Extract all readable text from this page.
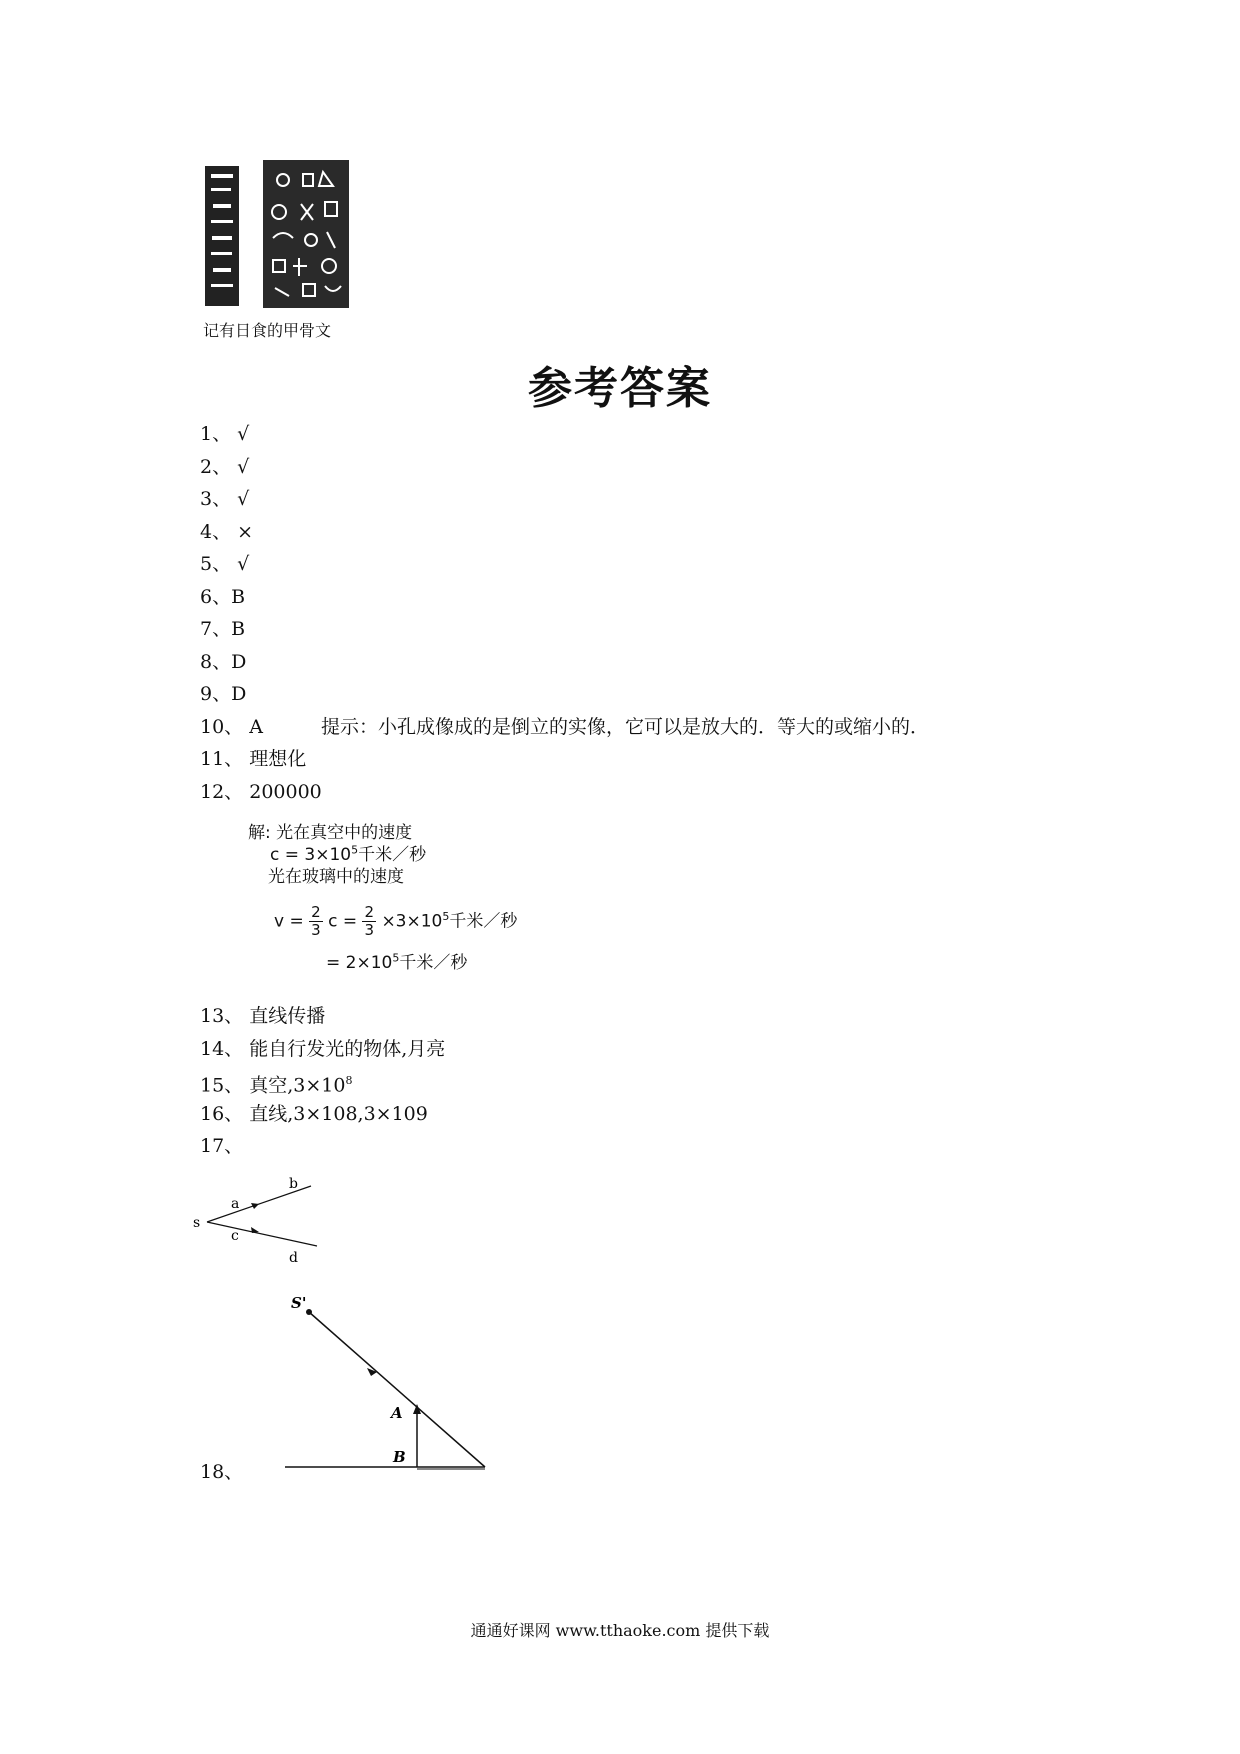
记有日食的甲骨文
参考答案
1、 √
2、 √
3、 √
4、 ×
5、 √
6、B
7、B
8、D
9、D
10、 A	提示：小孔成像成的是倒立的实像，它可以是放大的．等大的或缩小的．
11、 理想化
12、 200000
解: 光在真空中的速度
$c = 3\times 10^5$千米／秒
光在玻璃中的速度
$v = \frac{2}{3}$ $c = \frac{2}{3} \times 3\times 10^5$千米／秒
= $2\times 10^5$千米／秒
13、 直线传播
14、 能自行发光的物体,月亮
15、 真空$,3\times 10^8$
16、 直线,3×108,3×109
17、
s
a
b
c
d
S'
A
B
18、
通通好课网 www.tthaoke.com 提供下载
